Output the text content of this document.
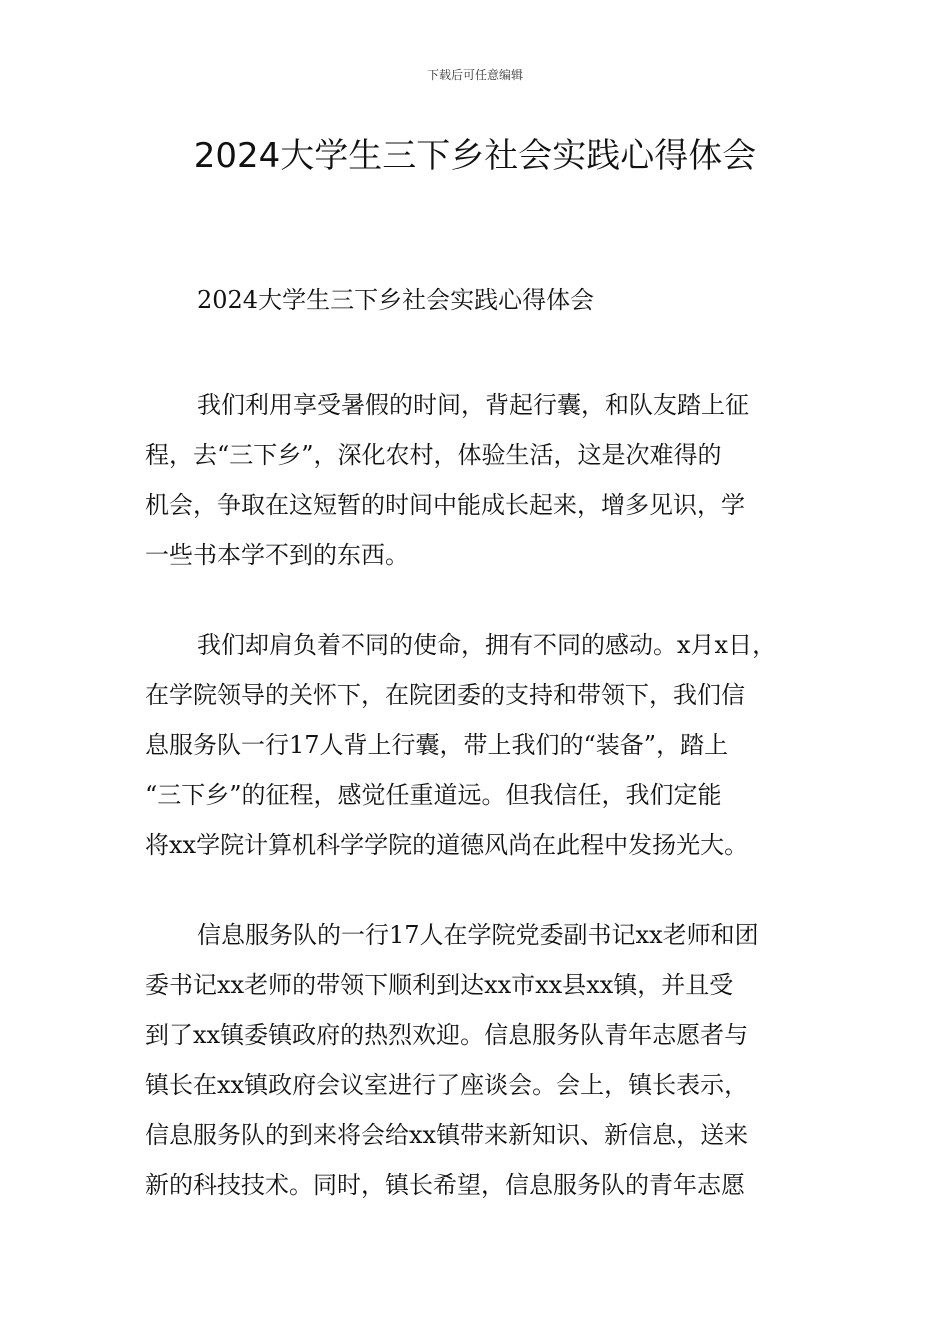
下载后可任意编辑
2024大学生三下乡社会实践心得体会

2024大学生三下乡社会实践心得体会

我们利用享受暑假的时间，背起行囊，和队友踏上征
程，去“三下乡”，深化农村，体验生活，这是次难得的
机会，争取在这短暂的时间中能成长起来，增多见识，学
一些书本学不到的东西。

我们却肩负着不同的使命，拥有不同的感动。x月x日，
在学院领导的关怀下，在院团委的支持和带领下，我们信
息服务队一行17人背上行囊，带上我们的“装备”，踏上
“三下乡”的征程，感觉任重道远。但我信任，我们定能
将xx学院计算机科学学院的道德风尚在此程中发扬光大。

信息服务队的一行17人在学院党委副书记xx老师和团
委书记xx老师的带领下顺利到达xx市xx县xx镇，并且受
到了xx镇委镇政府的热烈欢迎。信息服务队青年志愿者与
镇长在xx镇政府会议室进行了座谈会。会上，镇长表示，
信息服务队的到来将会给xx镇带来新知识、新信息，送来
新的科技技术。同时，镇长希望，信息服务队的青年志愿
